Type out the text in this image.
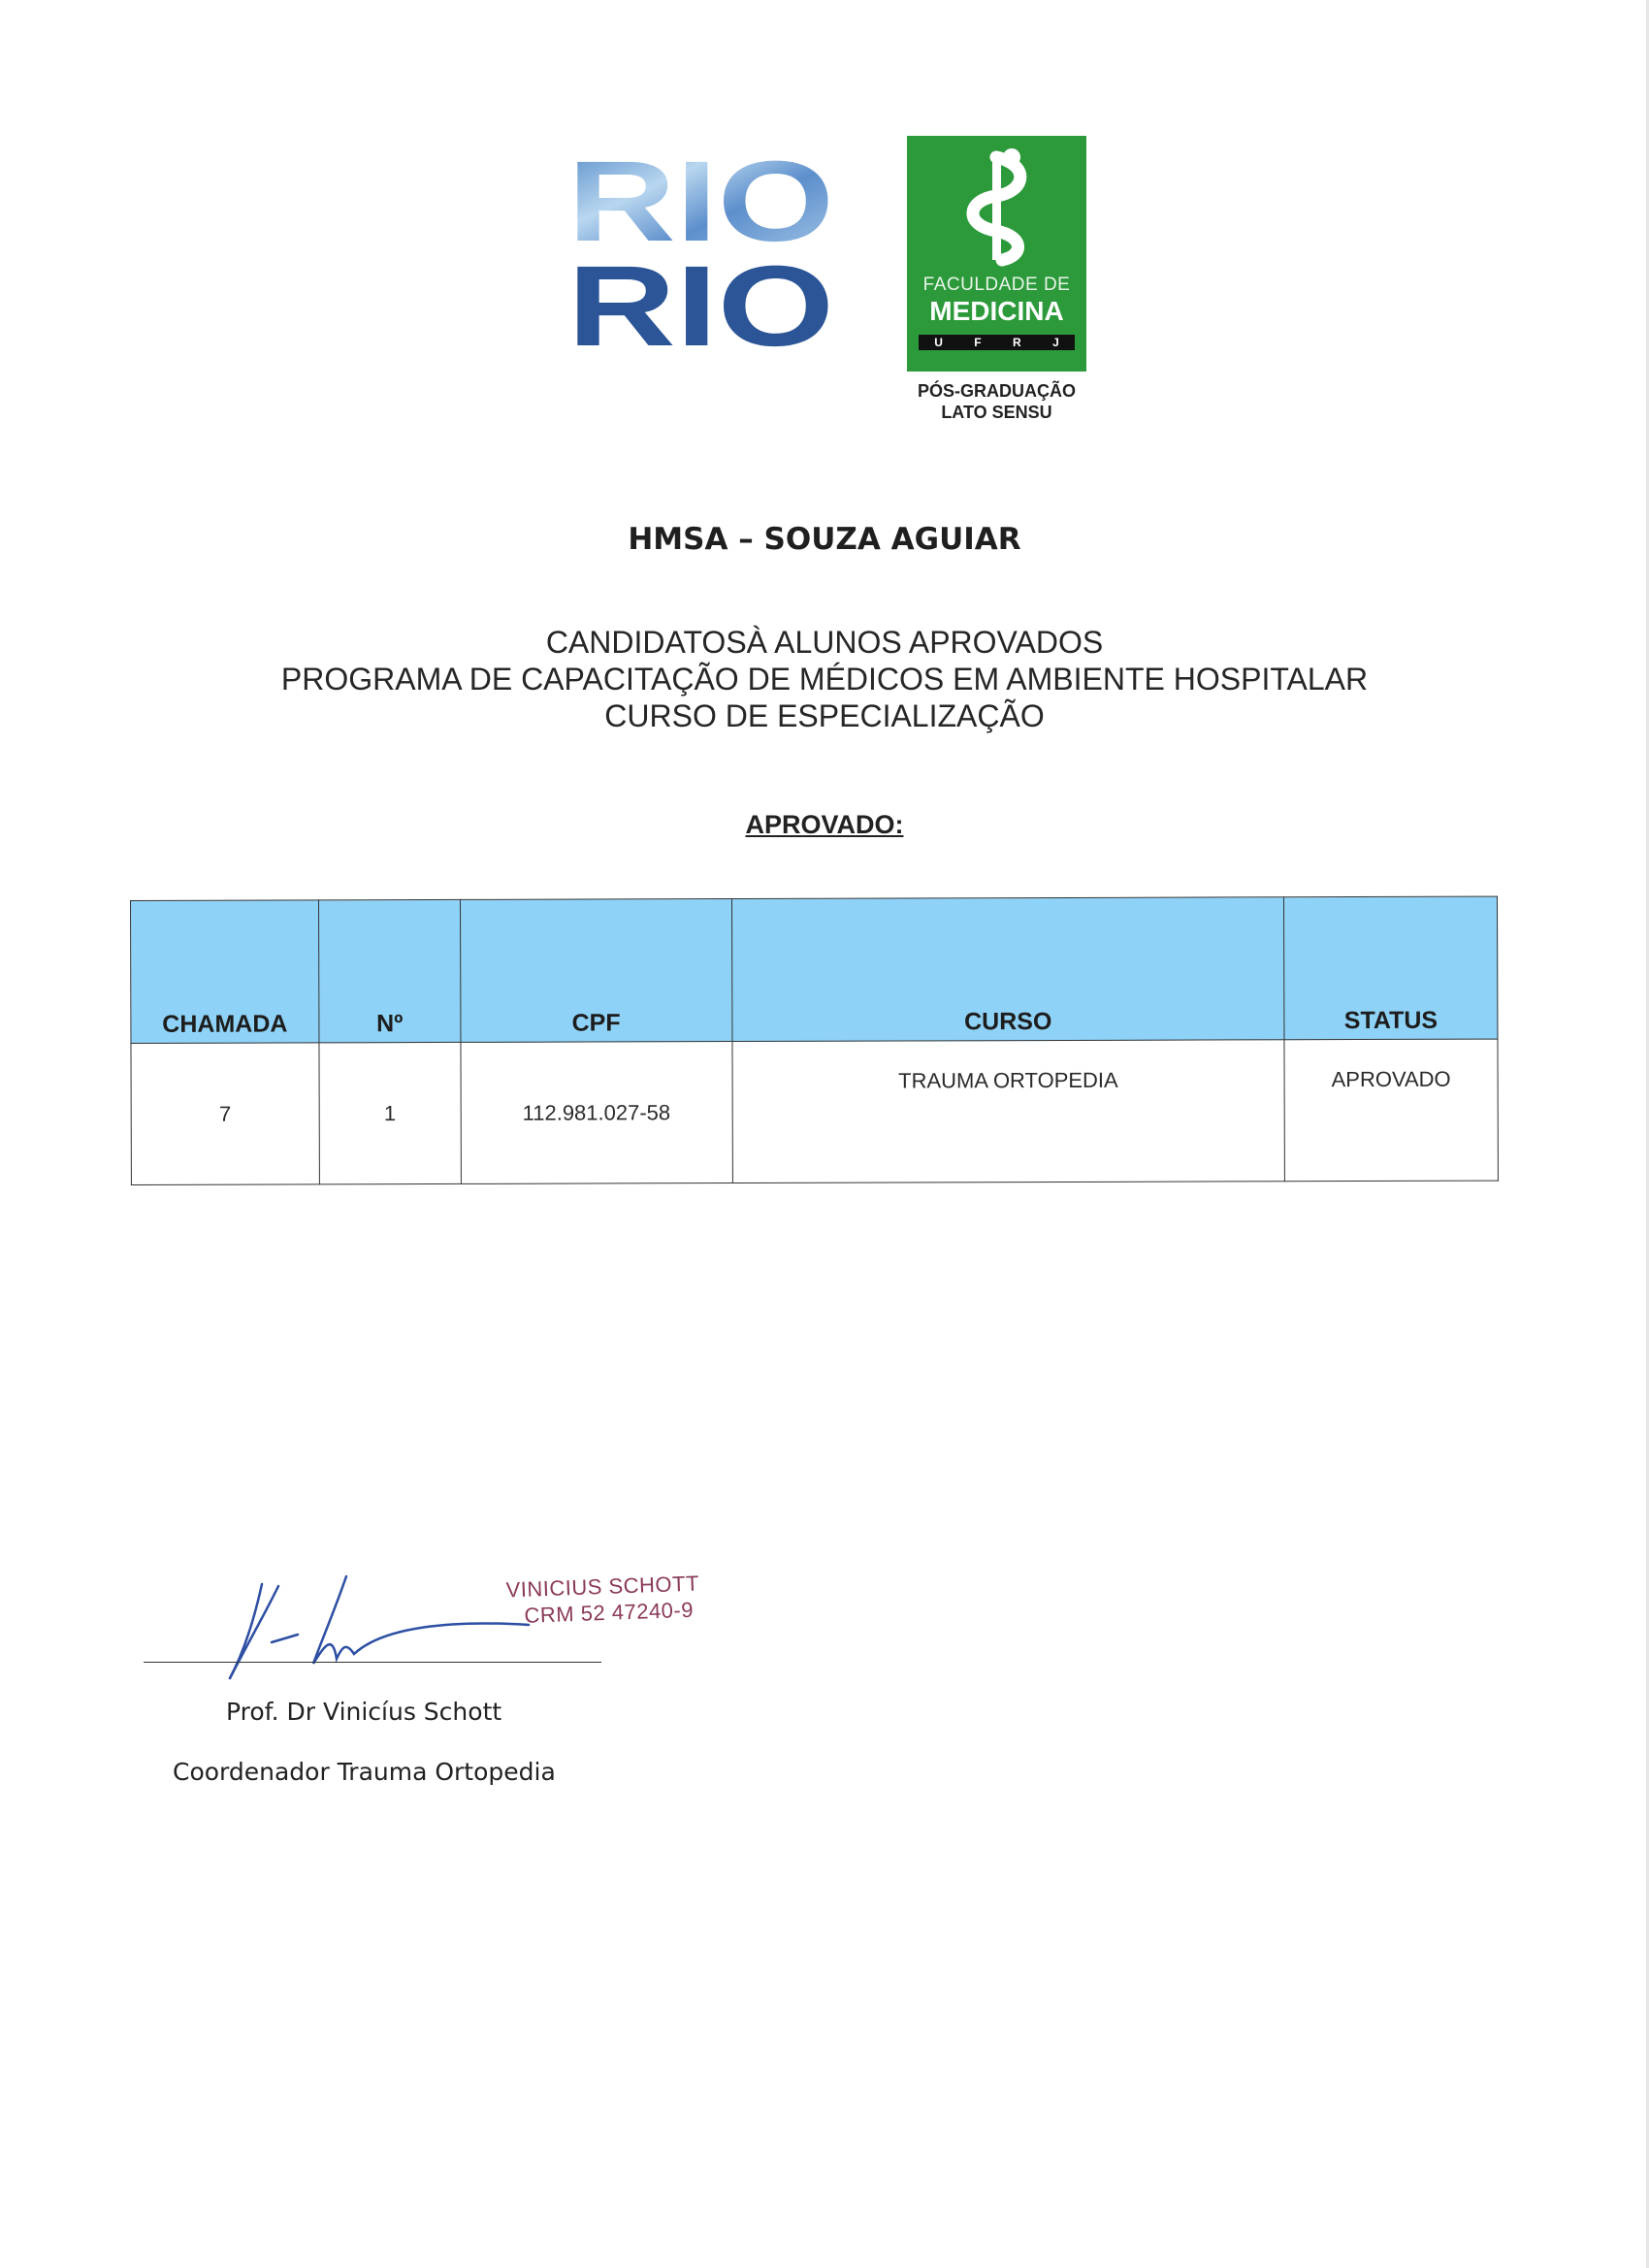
RIO
RIO	FACULDADE DE
MEDICINA
U	F	R	J
PÓS-GRADUAÇÃO
LATO SENSU
HMSA – SOUZA AGUIAR
CANDIDATOSÀ ALUNOS APROVADOS
PROGRAMA DE CAPACITAÇÃO DE MÉDICOS EM AMBIENTE HOSPITALAR
CURSO DE ESPECIALIZAÇÃO
APROVADO:
CHAMADA	Nº	CPF	CURSO	STATUS
7	1	112.981.027-58	TRAUMA ORTOPEDIA	APROVADO
VINICIUS SCHOTT
CRM 52 47240-9
Prof. Dr Vinicíus Schott
Coordenador Trauma Ortopedia
